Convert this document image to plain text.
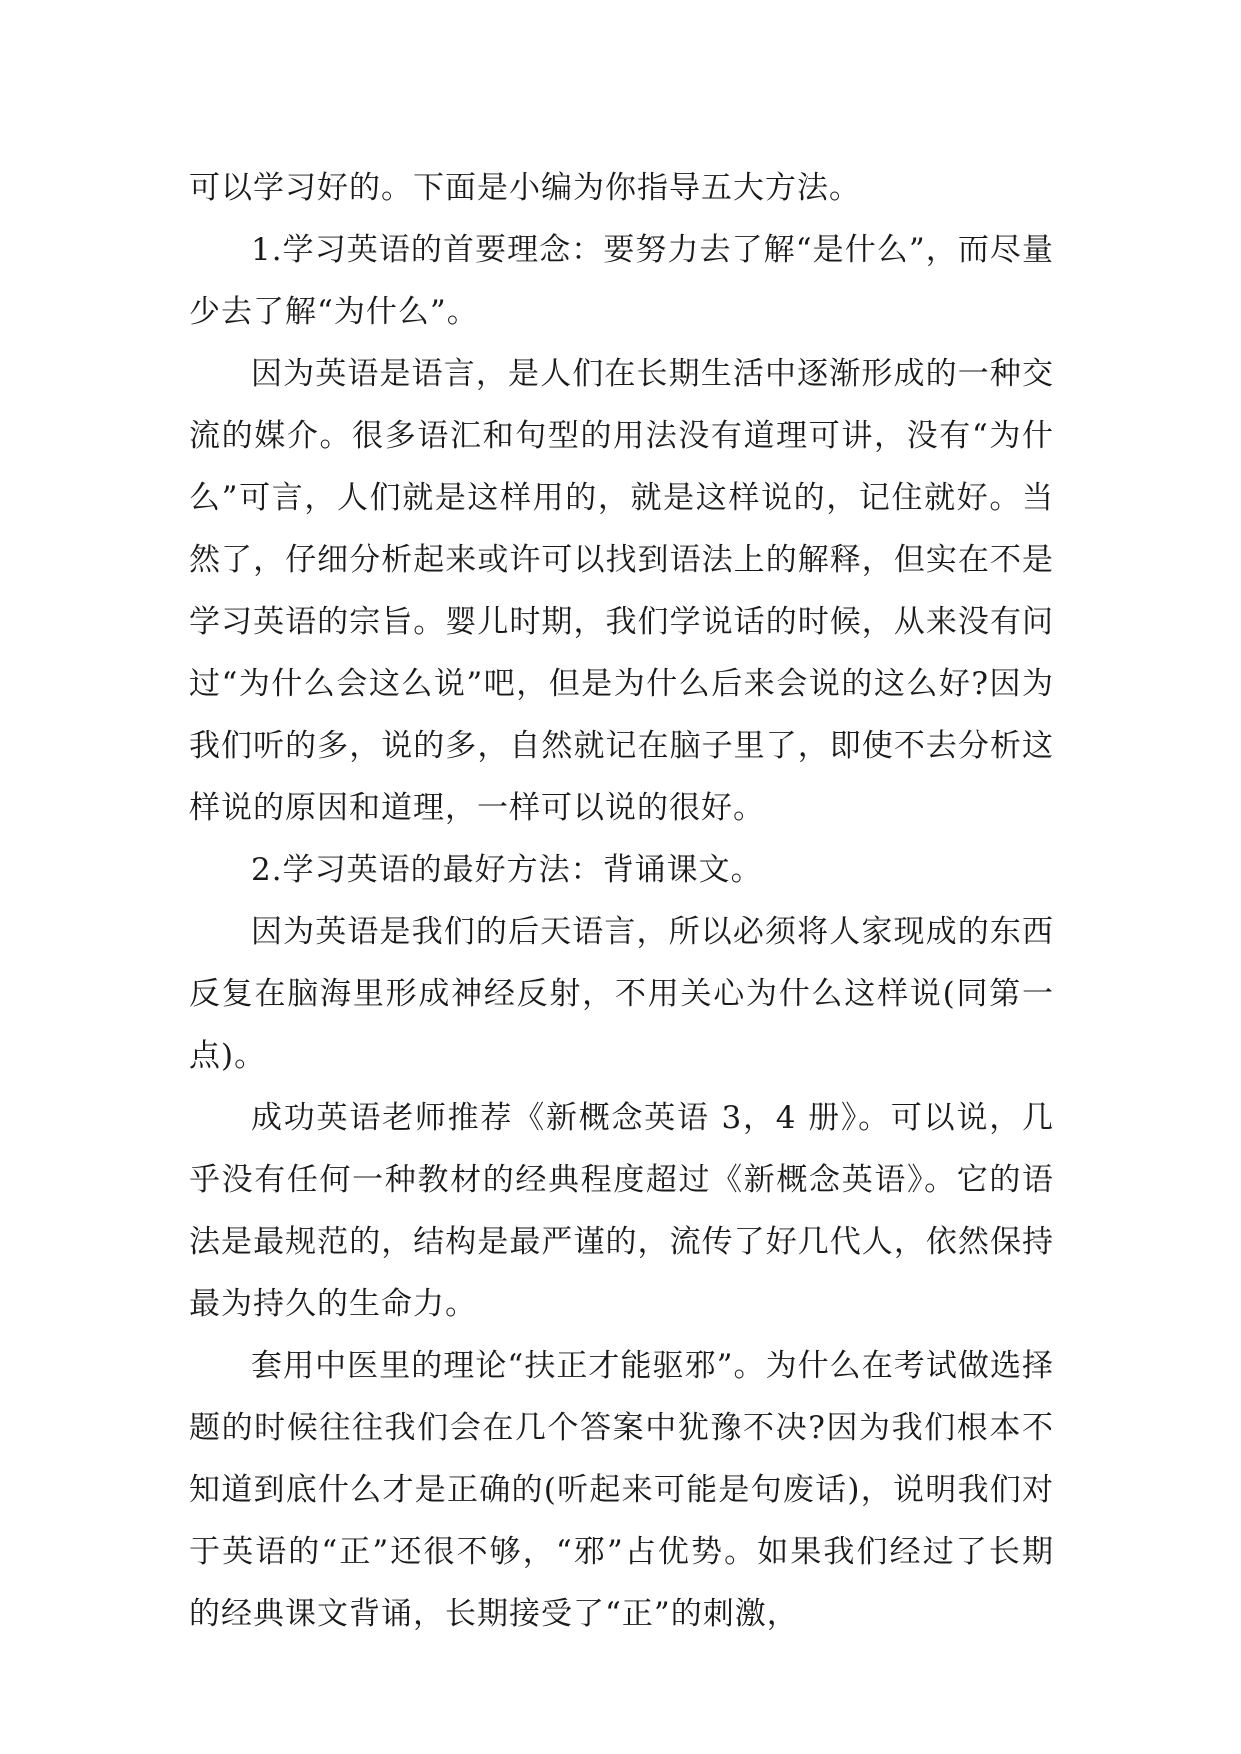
可以学习好的。下面是小编为你指导五大方法。

1.学习英语的首要理念：要努力去了解“是什么”，而尽量少去了解“为什么”。

因为英语是语言，是人们在长期生活中逐渐形成的一种交流的媒介。很多语汇和句型的用法没有道理可讲，没有“为什么”可言，人们就是这样用的，就是这样说的，记住就好。当然了，仔细分析起来或许可以找到语法上的解释，但实在不是学习英语的宗旨。婴儿时期，我们学说话的时候，从来没有问过“为什么会这么说”吧，但是为什么后来会说的这么好?因为我们听的多，说的多，自然就记在脑子里了，即使不去分析这样说的原因和道理，一样可以说的很好。

2.学习英语的最好方法：背诵课文。

因为英语是我们的后天语言，所以必须将人家现成的东西反复在脑海里形成神经反射，不用关心为什么这样说(同第一点)。

成功英语老师推荐《新概念英语 3，4 册》。可以说，几乎没有任何一种教材的经典程度超过《新概念英语》。它的语法是最规范的，结构是最严谨的，流传了好几代人，依然保持最为持久的生命力。

套用中医里的理论“扶正才能驱邪”。为什么在考试做选择题的时候往往我们会在几个答案中犹豫不决?因为我们根本不知道到底什么才是正确的(听起来可能是句废话)，说明我们对于英语的“正”还很不够，“邪”占优势。如果我们经过了长期的经典课文背诵，长期接受了“正”的刺激，
